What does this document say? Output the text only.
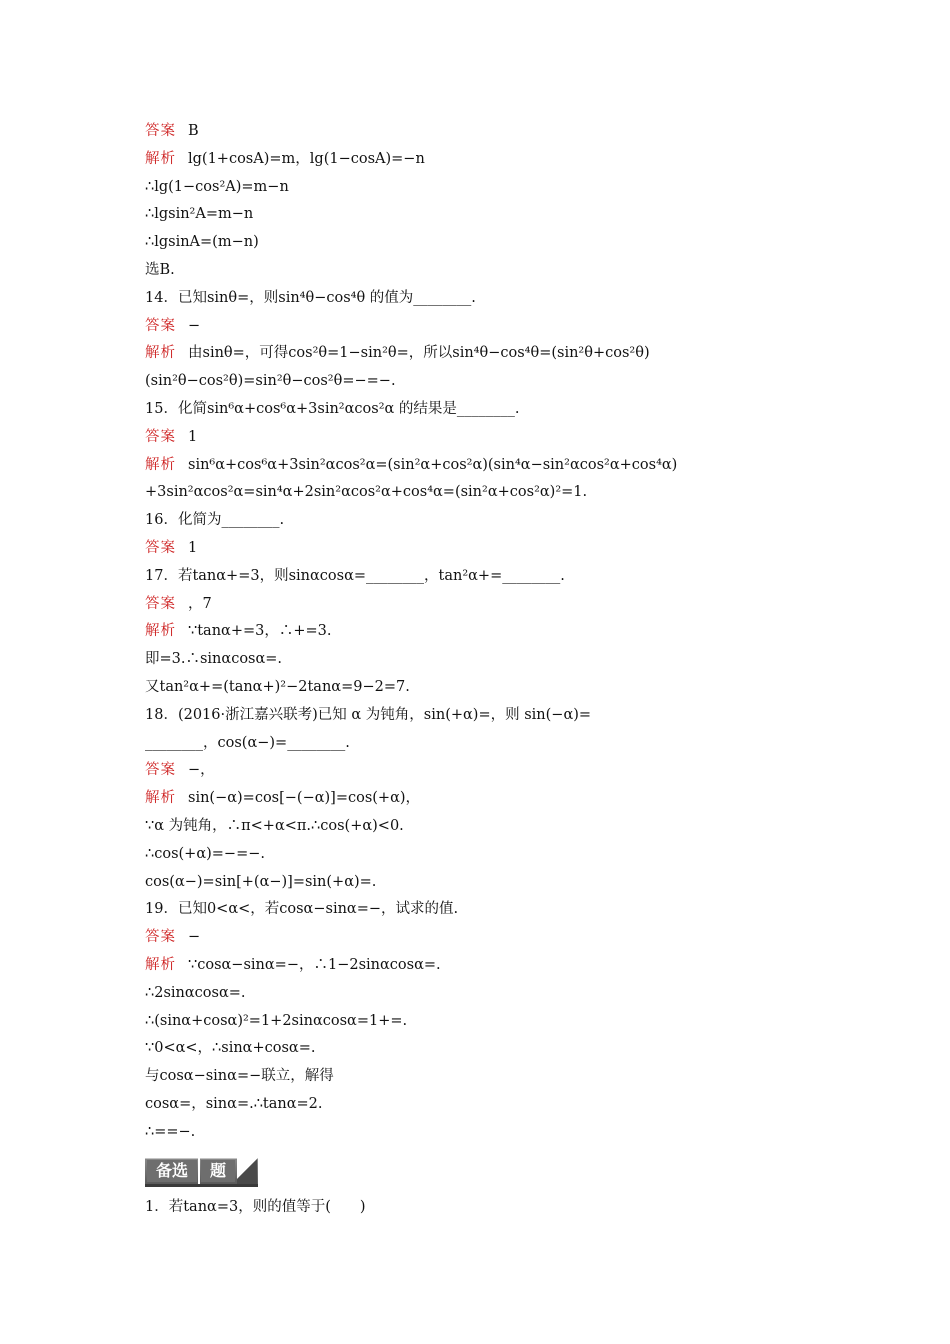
答案 B
解析 lg(1+cosA)=m，lg(1−cosA)=−n
∴lg(1−cos²A)=m−n
∴lgsin²A=m−n
∴lgsinA=(m−n)
选B.
14．已知sinθ=，则sin⁴θ−cos⁴θ 的值为________.
答案 −
解析 由sinθ=，可得cos²θ=1−sin²θ=，所以sin⁴θ−cos⁴θ=(sin²θ+cos²θ)
(sin²θ−cos²θ)=sin²θ−cos²θ=−=−.
15．化简sin⁶α+cos⁶α+3sin²αcos²α 的结果是________.
答案 1
解析 sin⁶α+cos⁶α+3sin²αcos²α=(sin²α+cos²α)(sin⁴α−sin²αcos²α+cos⁴α)
+3sin²αcos²α=sin⁴α+2sin²αcos²α+cos⁴α=(sin²α+cos²α)²=1.
16．化简为________.
答案 1
17．若tanα+=3，则sinαcosα=________，tan²α+=________.
答案 ，7
解析 ∵tanα+=3，∴+=3.
即=3.∴sinαcosα=.
又tan²α+=(tanα+)²−2tanα=9−2=7.
18．(2016·浙江嘉兴联考)已知 α 为钝角，sin(+α)=，则 sin(−α)=
________，cos(α−)=________.
答案 −，
解析 sin(−α)=cos[−(−α)]=cos(+α)，
∵α 为钝角，∴π<+α<π.∴cos(+α)<0.
∴cos(+α)=−=−.
cos(α−)=sin[+(α−)]=sin(+α)=.
19．已知0<α<，若cosα−sinα=−，试求的值.
答案 −
解析 ∵cosα−sinα=−，∴1−2sinαcosα=.
∴2sinαcosα=.
∴(sinα+cosα)²=1+2sinαcosα=1+=.
∵0<α<，∴sinα+cosα=.
与cosα−sinα=−联立，解得
cosα=，sinα=.∴tanα=2.
∴==−.
备选	题
1．若tanα=3，则的值等于(　　)
